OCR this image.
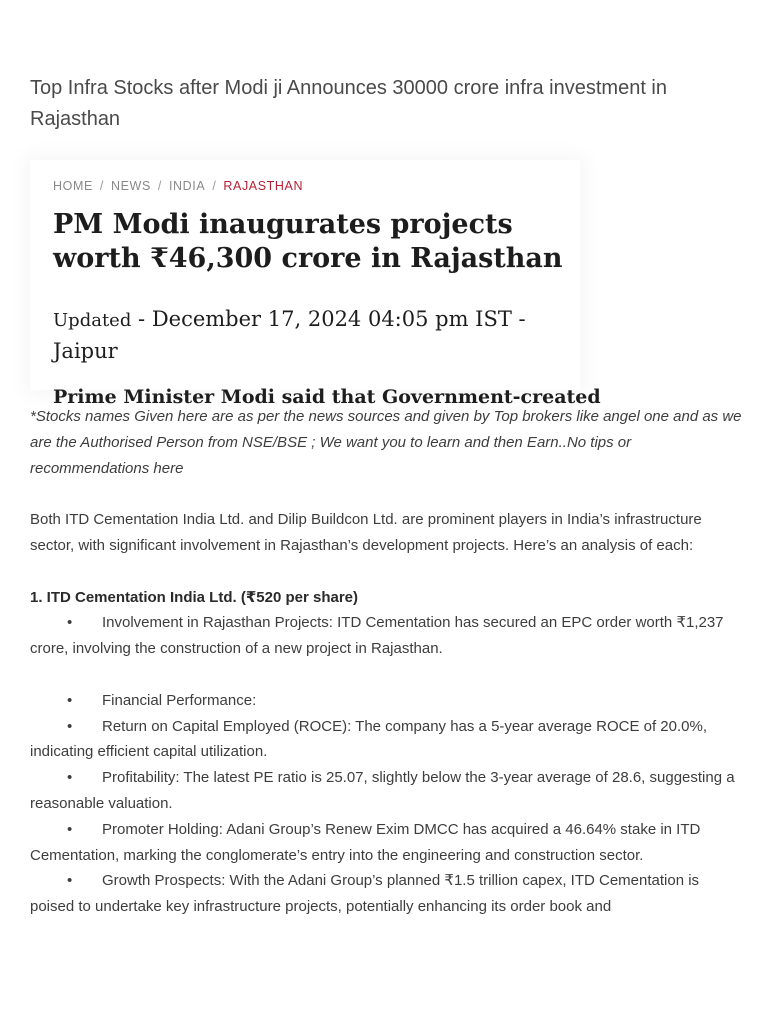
Top Infra Stocks after Modi ji Announces 30000 crore infra investment in Rajasthan
HOME / NEWS / INDIA / RAJASTHAN
PM Modi inaugurates projects worth ₹46,300 crore in Rajasthan
Updated - December 17, 2024 04:05 pm IST - Jaipur
Prime Minister Modi said that Government-created

*Stocks names Given here are as per the news sources and given by Top brokers like angel one and as we are the Authorised Person from NSE/BSE ; We want you to learn and then Earn..No tips or recommendations here

Both ITD Cementation India Ltd. and Dilip Buildcon Ltd. are prominent players in India’s infrastructure sector, with significant involvement in Rajasthan’s development projects. Here’s an analysis of each:

1. ITD Cementation India Ltd. (₹520 per share)

• Involvement in Rajasthan Projects: ITD Cementation has secured an EPC order worth ₹1,237 crore, involving the construction of a new project in Rajasthan.

• Financial Performance:

• Return on Capital Employed (ROCE): The company has a 5-year average ROCE of 20.0%, indicating efficient capital utilization.

• Profitability: The latest PE ratio is 25.07, slightly below the 3-year average of 28.6, suggesting a reasonable valuation.

• Promoter Holding: Adani Group’s Renew Exim DMCC has acquired a 46.64% stake in ITD Cementation, marking the conglomerate’s entry into the engineering and construction sector.

• Growth Prospects: With the Adani Group’s planned ₹1.5 trillion capex, ITD Cementation is poised to undertake key infrastructure projects, potentially enhancing its order book and
